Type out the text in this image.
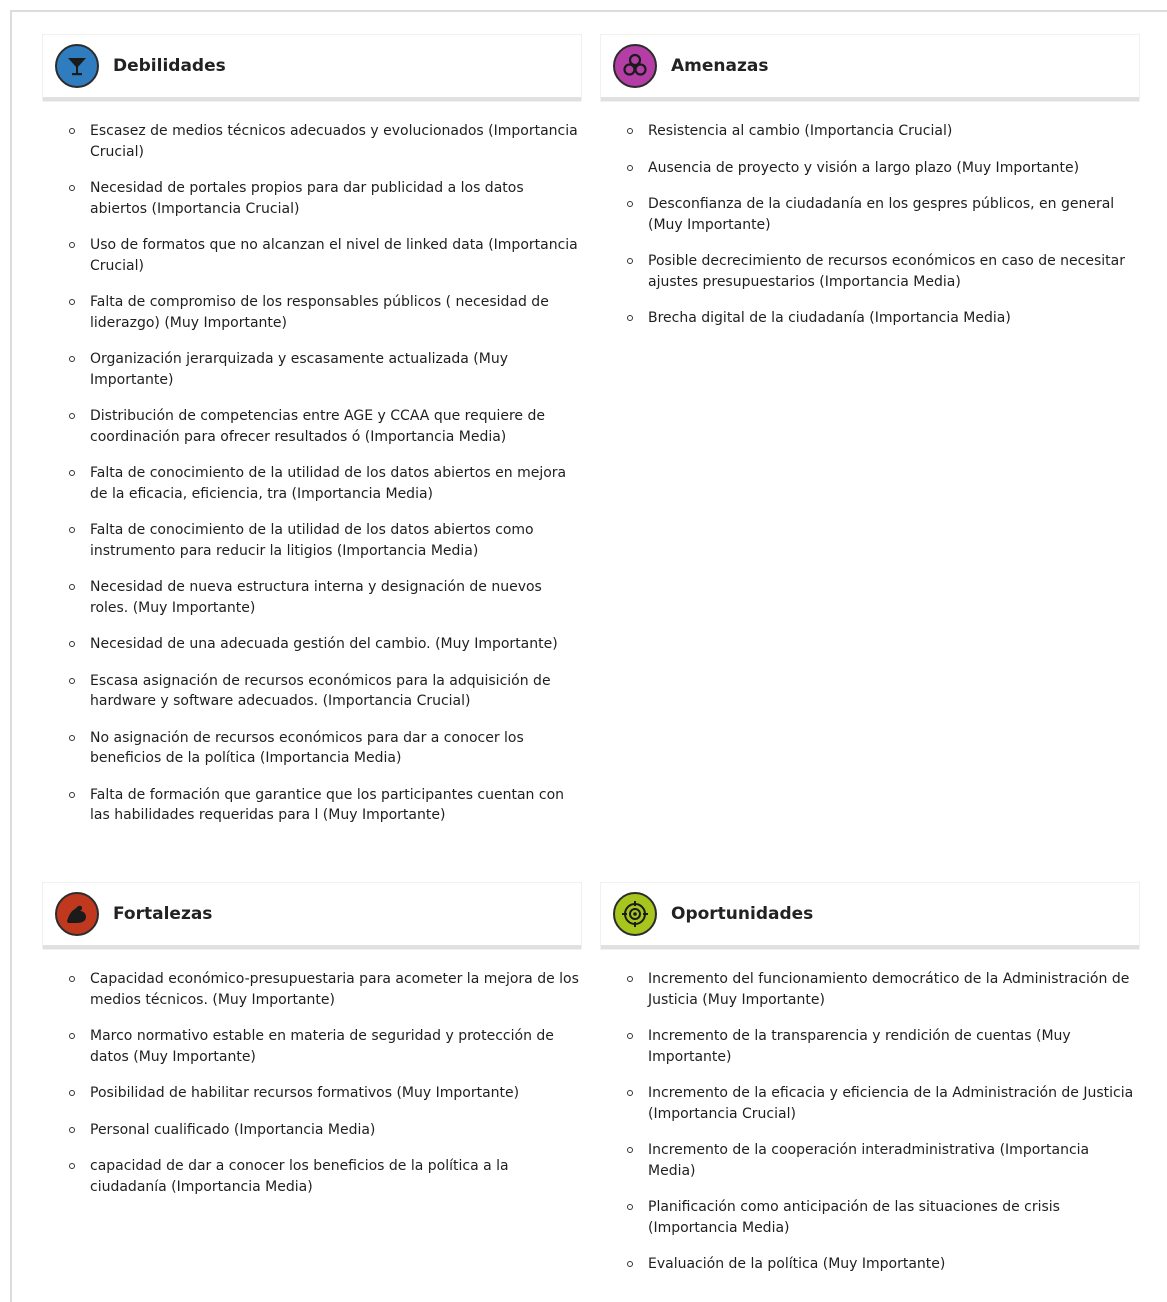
Debilidades
Escasez de medios técnicos adecuados y evolucionados (Importancia Crucial)
Necesidad de portales propios para dar publicidad a los datos abiertos (Importancia Crucial)
Uso de formatos que no alcanzan el nivel de linked data (Importancia Crucial)
Falta de compromiso de los responsables públicos ( necesidad de liderazgo) (Muy Importante)
Organización jerarquizada y escasamente actualizada (Muy Importante)
Distribución de competencias entre AGE y CCAA que requiere de coordinación para ofrecer resultados ó (Importancia Media)
Falta de conocimiento de la utilidad de los datos abiertos en mejora de la eficacia, eficiencia, tra (Importancia Media)
Falta de conocimiento de la utilidad de los datos abiertos como instrumento para reducir la litigios (Importancia Media)
Necesidad de nueva estructura interna y designación de nuevos roles. (Muy Importante)
Necesidad de una adecuada gestión del cambio. (Muy Importante)
Escasa asignación de recursos económicos para la adquisición de hardware y software adecuados. (Importancia Crucial)
No asignación de recursos económicos para dar a conocer los beneficios de la política (Importancia Media)
Falta de formación que garantice que los participantes cuentan con las habilidades requeridas para l (Muy Importante)
Amenazas
Resistencia al cambio (Importancia Crucial)
Ausencia de proyecto y visión a largo plazo (Muy Importante)
Desconfianza de la ciudadanía en los gespres públicos, en general (Muy Importante)
Posible decrecimiento de recursos económicos en caso de necesitar ajustes presupuestarios (Importancia Media)
Brecha digital de la ciudadanía (Importancia Media)
Fortalezas
Capacidad económico-presupuestaria para acometer la mejora de los medios técnicos. (Muy Importante)
Marco normativo estable en materia de seguridad y protección de datos (Muy Importante)
Posibilidad de habilitar recursos formativos (Muy Importante)
Personal cualificado (Importancia Media)
capacidad de dar a conocer los beneficios de la política a la ciudadanía (Importancia Media)
Oportunidades
Incremento del funcionamiento democrático de la Administración de Justicia (Muy Importante)
Incremento de la transparencia y rendición de cuentas (Muy Importante)
Incremento de la eficacia y eficiencia de la Administración de Justicia (Importancia Crucial)
Incremento de la cooperación interadministrativa (Importancia Media)
Planificación como anticipación de las situaciones de crisis (Importancia Media)
Evaluación de la política (Muy Importante)
